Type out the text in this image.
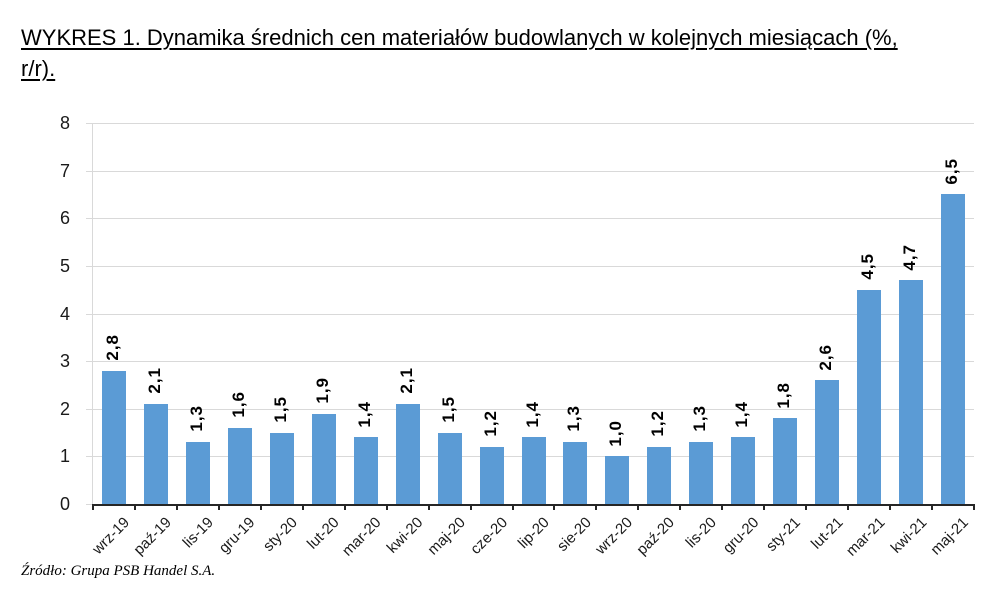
WYKRES 1. Dynamika średnich cen materiałów budowlanych w kolejnych miesiącach (%,
r/r).
0
1
2
3
4
5
6
7
8
2,8
2,1
1,3
1,6 1,5
1,9
1,4
2,1
1,5
1,2 1,4 1,3
1,0 1,2 1,3 1,4
1,8
2,6
4,5 4,7
6,5
wrz-19
paź-19 lis-19 gru-19 sty-20 lut-20
mar-20 kwi-20
maj-20
cze-20 lip-20 sie-20
wrz-20
paź-20 lis-20 gru-20 sty-21 lut-21
mar-21 kwi-21
maj-21

Źródło: Grupa PSB Handel S.A.
